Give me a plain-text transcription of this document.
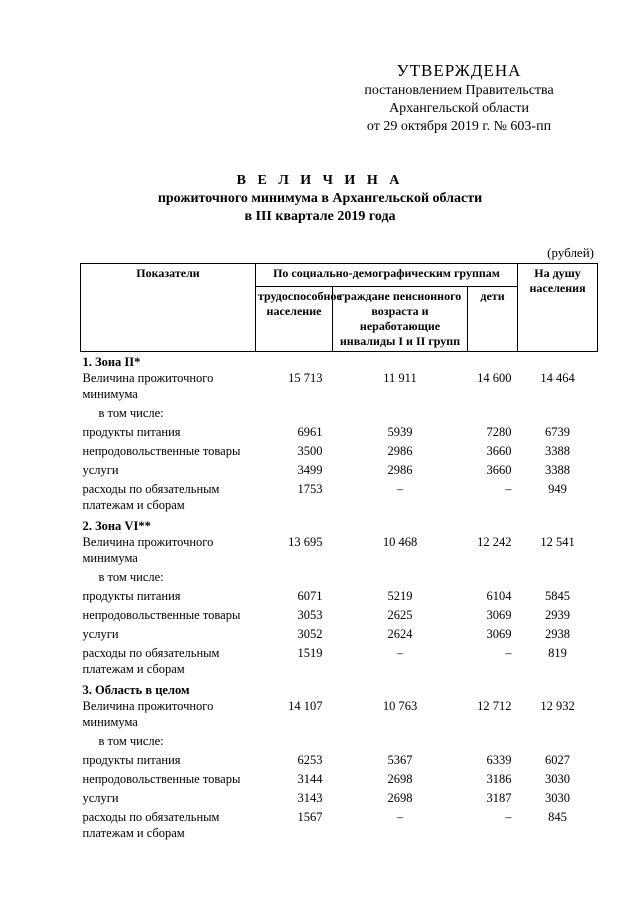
УТВЕРЖДЕНА
постановлением Правительства
Архангельской области
от 29 октября 2019 г. № 603-пп
В Е Л И Ч И Н А
прожиточного минимума в Архангельской области
в III квартале 2019 года
(рублей)
Показатели	По социально-демографическим группам			На душу населения
	трудоспособное население	граждане пенсионного возраста и неработающие инвалиды I и II групп	дети	
1. Зона II*				
Величина прожиточного минимума	15 713	11 911	14 600	14 464
в том числе:				
продукты питания	6961	5939	7280	6739
непродовольственные товары	3500	2986	3660	3388
услуги	3499	2986	3660	3388
расходы по обязательным платежам и сборам	1753	–	–	949
2. Зона VI**				
Величина прожиточного минимума	13 695	10 468	12 242	12 541
в том числе:				
продукты питания	6071	5219	6104	5845
непродовольственные товары	3053	2625	3069	2939
услуги	3052	2624	3069	2938
расходы по обязательным платежам и сборам	1519	–	–	819
3. Область в целом				
Величина прожиточного минимума	14 107	10 763	12 712	12 932
в том числе:				
продукты питания	6253	5367	6339	6027
непродовольственные товары	3144	2698	3186	3030
услуги	3143	2698	3187	3030
расходы по обязательным платежам и сборам	1567	–	–	845
